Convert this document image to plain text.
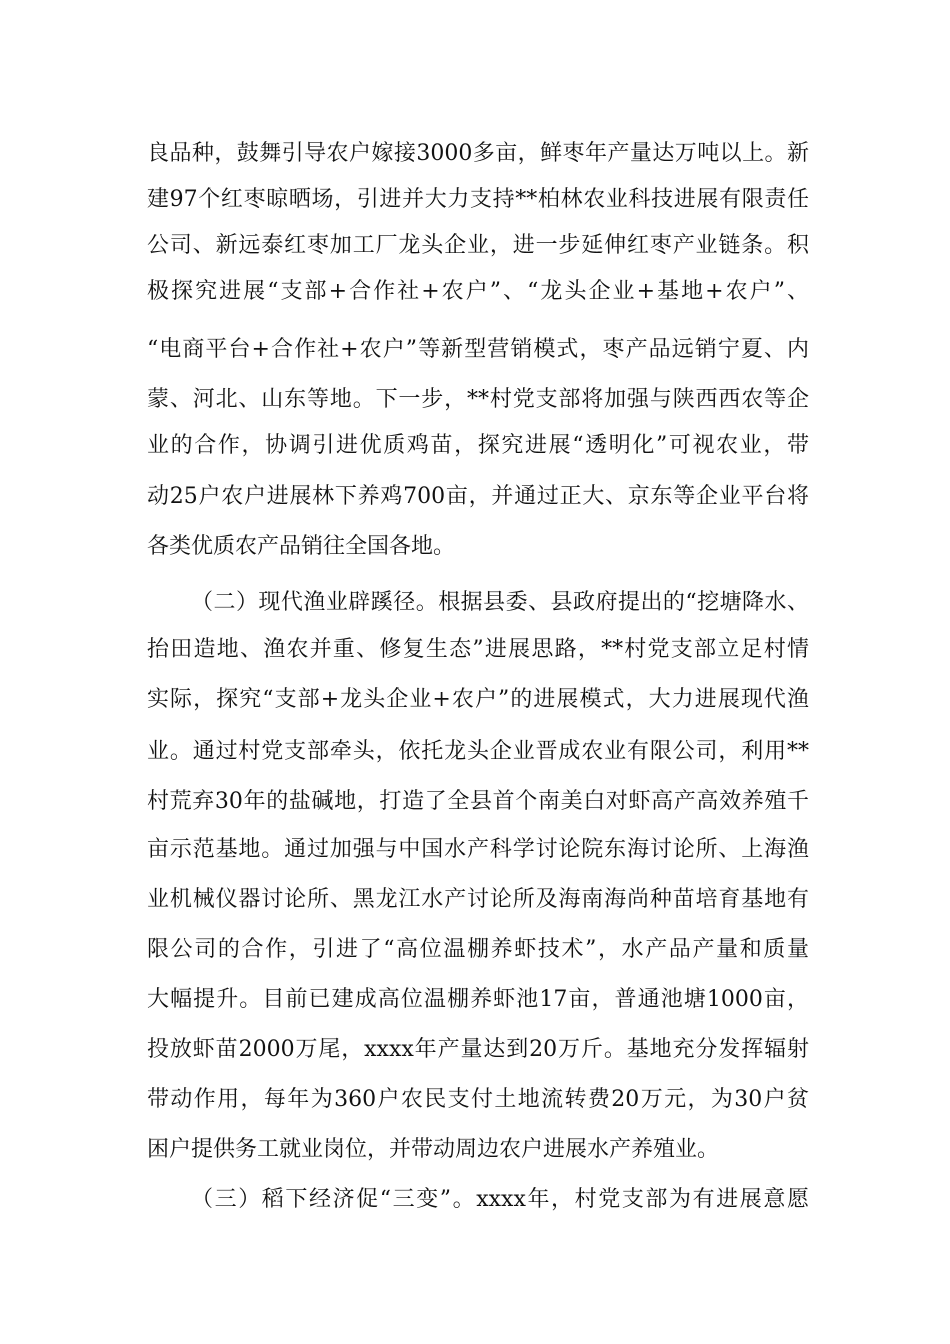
良品种，鼓舞引导农户嫁接3000多亩，鲜枣年产量达万吨以上。新
建97个红枣晾晒场，引进并大力支持**柏林农业科技进展有限责任
公司、新远泰红枣加工厂龙头企业，进一步延伸红枣产业链条。积
极探究进展“支部+合作社+农户”、“龙头企业+基地+农户”、
“电商平台+合作社+农户”等新型营销模式，枣产品远销宁夏、内
蒙、河北、山东等地。下一步，**村党支部将加强与陕西西农等企
业的合作，协调引进优质鸡苗，探究进展“透明化”可视农业，带
动25户农户进展林下养鸡700亩，并通过正大、京东等企业平台将
各类优质农产品销往全国各地。
（二）现代渔业辟蹊径。根据县委、县政府提出的“挖塘降水、
抬田造地、渔农并重、修复生态”进展思路，**村党支部立足村情
实际，探究“支部+龙头企业+农户”的进展模式，大力进展现代渔
业。通过村党支部牵头，依托龙头企业晋成农业有限公司，利用**
村荒弃30年的盐碱地，打造了全县首个南美白对虾高产高效养殖千
亩示范基地。通过加强与中国水产科学讨论院东海讨论所、上海渔
业机械仪器讨论所、黑龙江水产讨论所及海南海尚种苗培育基地有
限公司的合作，引进了“高位温棚养虾技术”，水产品产量和质量
大幅提升。目前已建成高位温棚养虾池17亩，普通池塘1000亩，
投放虾苗2000万尾，xxxx年产量达到20万斤。基地充分发挥辐射
带动作用，每年为360户农民支付土地流转费20万元，为30户贫
困户提供务工就业岗位，并带动周边农户进展水产养殖业。
（三）稻下经济促“三变”。xxxx年，村党支部为有进展意愿
